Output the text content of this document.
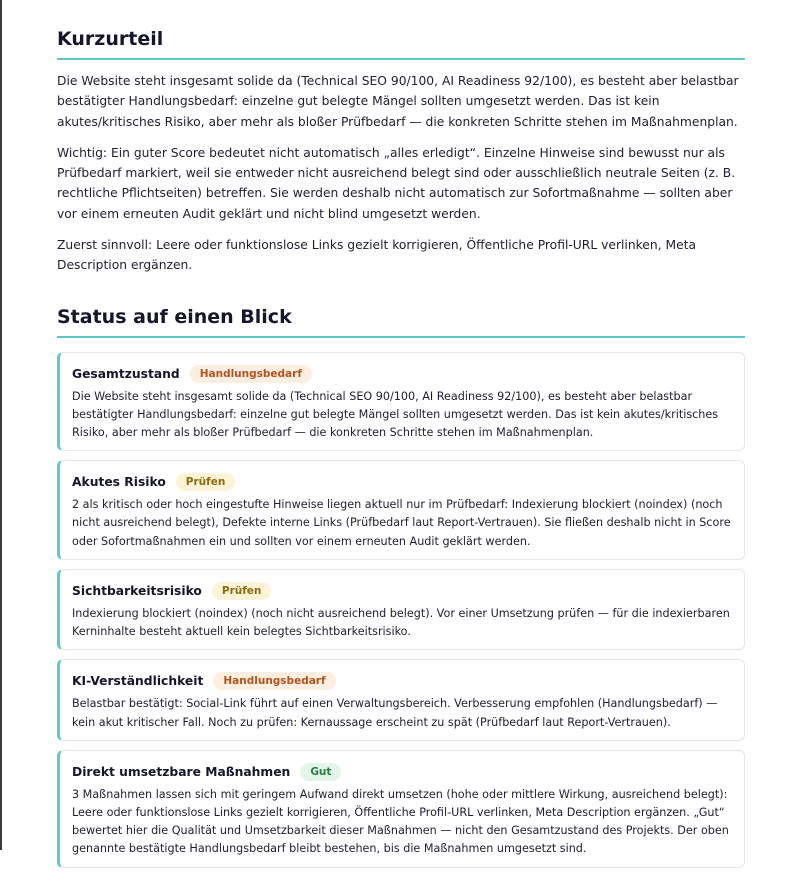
Kurzurteil

Die Website steht insgesamt solide da (Technical SEO 90/100, AI Readiness 92/100), es besteht aber belastbar bestätigter Handlungsbedarf: einzelne gut belegte Mängel sollten umgesetzt werden. Das ist kein akutes/kritisches Risiko, aber mehr als bloßer Prüfbedarf — die konkreten Schritte stehen im Maßnahmenplan.

Wichtig: Ein guter Score bedeutet nicht automatisch „alles erledigt“. Einzelne Hinweise sind bewusst nur als Prüfbedarf markiert, weil sie entweder nicht ausreichend belegt sind oder ausschließlich neutrale Seiten (z. B. rechtliche Pflichtseiten) betreffen. Sie werden deshalb nicht automatisch zur Sofortmaßnahme — sollten aber vor einem erneuten Audit geklärt und nicht blind umgesetzt werden.

Zuerst sinnvoll: Leere oder funktionslose Links gezielt korrigieren, Öffentliche Profil-URL verlinken, Meta Description ergänzen.

Status auf einen Blick
Gesamtzustand	Handlungsbedarf

Die Website steht insgesamt solide da (Technical SEO 90/100, AI Readiness 92/100), es besteht aber belastbar bestätigter Handlungsbedarf: einzelne gut belegte Mängel sollten umgesetzt werden. Das ist kein akutes/kritisches Risiko, aber mehr als bloßer Prüfbedarf — die konkreten Schritte stehen im Maßnahmenplan.

Akutes Risiko	Prüfen

2 als kritisch oder hoch eingestufte Hinweise liegen aktuell nur im Prüfbedarf: Indexierung blockiert (noindex) (noch nicht ausreichend belegt), Defekte interne Links (Prüfbedarf laut Report-Vertrauen). Sie fließen deshalb nicht in Score oder Sofortmaßnahmen ein und sollten vor einem erneuten Audit geklärt werden.

Sichtbarkeitsrisiko	Prüfen

Indexierung blockiert (noindex) (noch nicht ausreichend belegt). Vor einer Umsetzung prüfen — für die indexierbaren Kerninhalte besteht aktuell kein belegtes Sichtbarkeitsrisiko.

KI-Verständlichkeit	Handlungsbedarf

Belastbar bestätigt: Social-Link führt auf einen Verwaltungsbereich. Verbesserung empfohlen (Handlungsbedarf) — kein akut kritischer Fall. Noch zu prüfen: Kernaussage erscheint zu spät (Prüfbedarf laut Report-Vertrauen).

Direkt umsetzbare Maßnahmen	Gut

3 Maßnahmen lassen sich mit geringem Aufwand direkt umsetzen (hohe oder mittlere Wirkung, ausreichend belegt): Leere oder funktionslose Links gezielt korrigieren, Öffentliche Profil-URL verlinken, Meta Description ergänzen. „Gut“ bewertet hier die Qualität und Umsetzbarkeit dieser Maßnahmen — nicht den Gesamtzustand des Projekts. Der oben genannte bestätigte Handlungsbedarf bleibt bestehen, bis die Maßnahmen umgesetzt sind.
